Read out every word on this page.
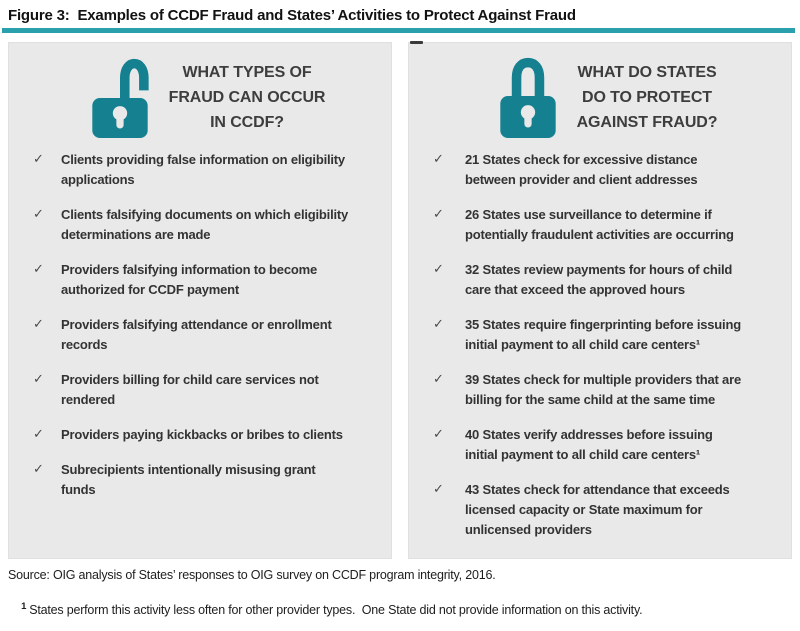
Figure 3:  Examples of CCDF Fraud and States’ Activities to Protect Against Fraud
WHAT TYPES OF
FRAUD CAN OCCUR
IN CCDF?
✓	Clients providing false information on eligibility
applications
✓	Clients falsifying documents on which eligibility
determinations are made
✓	Providers falsifying information to become
authorized for CCDF payment
✓	Providers falsifying attendance or enrollment
records
✓	Providers billing for child care services not
rendered
✓	Providers paying kickbacks or bribes to clients
✓	Subrecipients intentionally misusing grant
funds
WHAT DO STATES
DO TO PROTECT
AGAINST FRAUD?
✓	21 States check for excessive distance
between provider and client addresses
✓	26 States use surveillance to determine if
potentially fraudulent activities are occurring
✓	32 States review payments for hours of child
care that exceed the approved hours
✓	35 States require fingerprinting before issuing
initial payment to all child care centers¹
✓	39 States check for multiple providers that are
billing for the same child at the same time
✓	40 States verify addresses before issuing
initial payment to all child care centers¹
✓	43 States check for attendance that exceeds
licensed capacity or State maximum for
unlicensed providers
Source: OIG analysis of States’ responses to OIG survey on CCDF program integrity, 2016.

$^1$ States perform this activity less often for other provider types.  One State did not provide information on this activity.
